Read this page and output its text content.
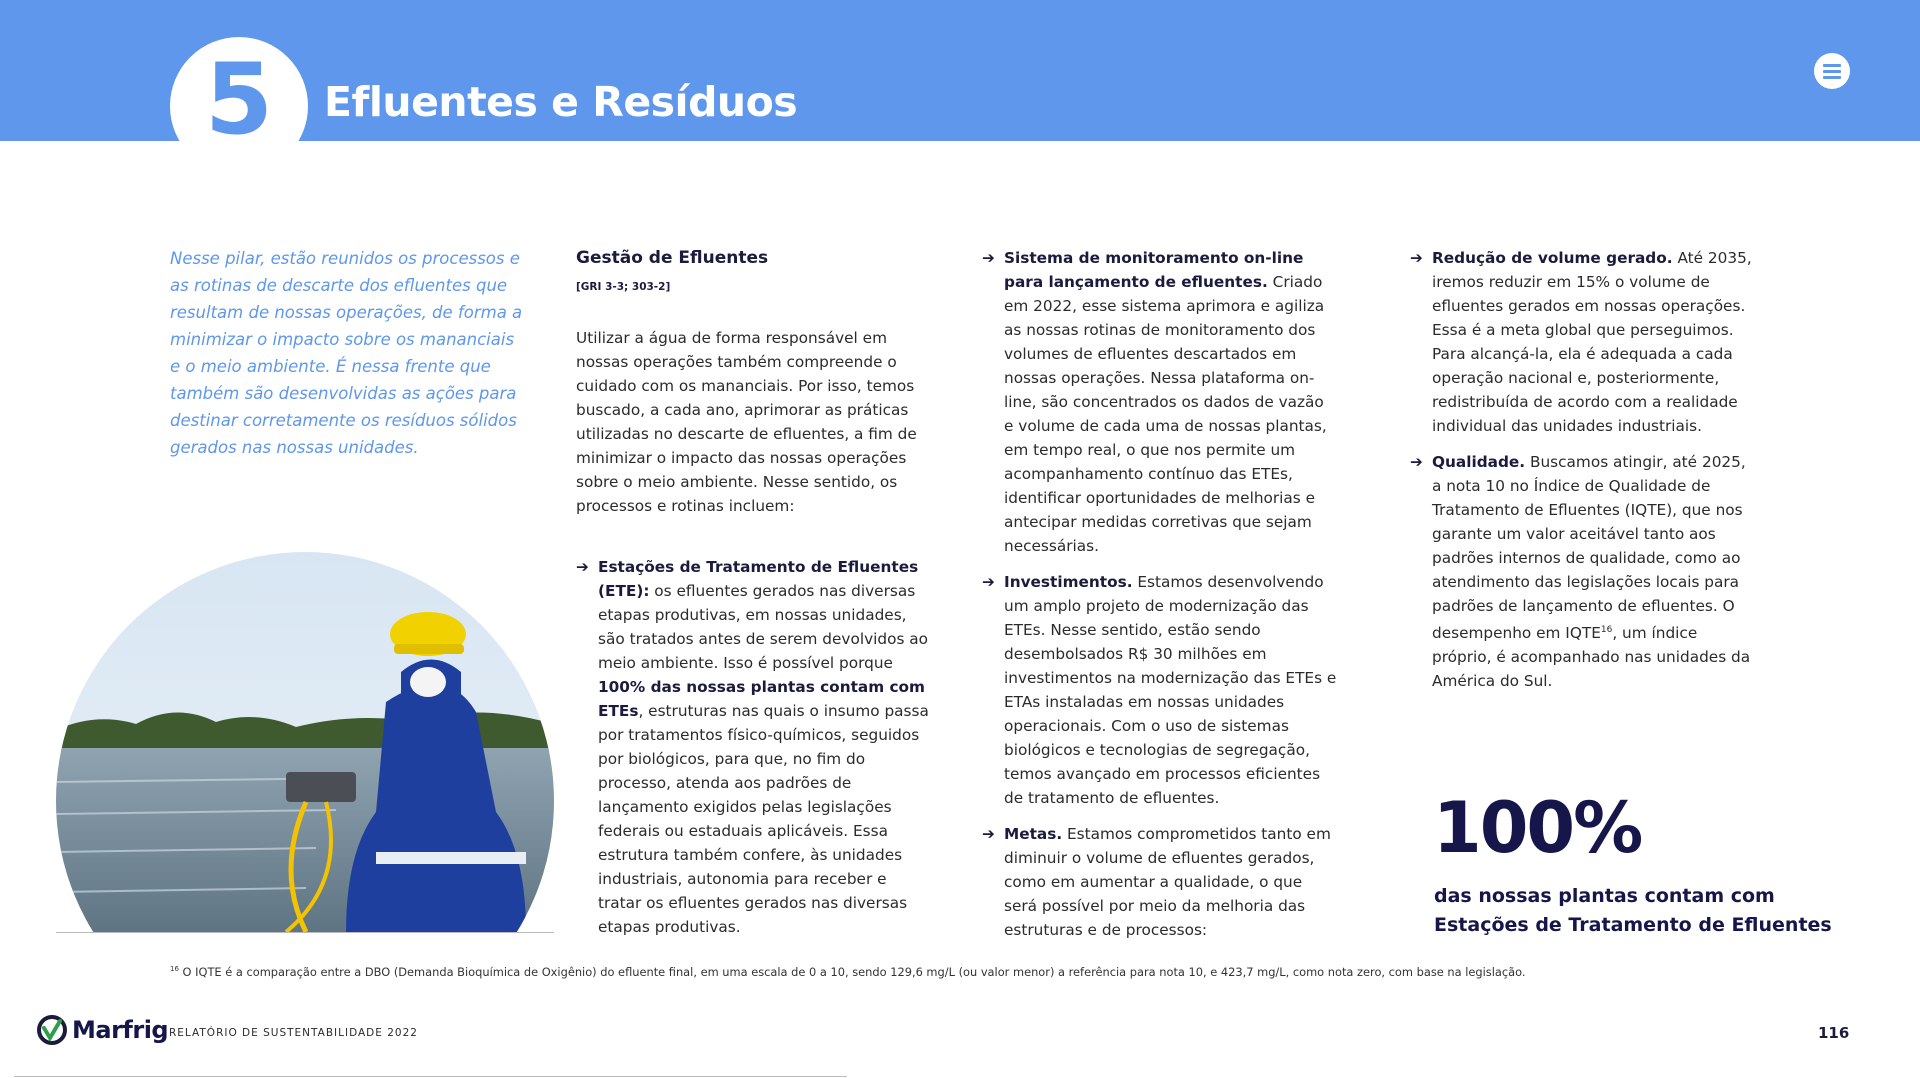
5	Efluentes e Resíduos
Nesse pilar, estão reunidos os processos e as rotinas de descarte dos efluentes que resultam de nossas operações, de forma a minimizar o impacto sobre os mananciais e o meio ambiente. É nessa frente que também são desenvolvidas as ações para destinar corretamente os resíduos sólidos gerados nas nossas unidades.
Gestão de Efluentes
[GRI 3-3; 303-2]

Utilizar a água de forma responsável em nossas operações também compreende o cuidado com os mananciais. Por isso, temos buscado, a cada ano, aprimorar as práticas utilizadas no descarte de efluentes, a fim de minimizar o impacto das nossas operações sobre o meio ambiente. Nesse sentido, os processos e rotinas incluem:

➔ Estações de Tratamento de Efluentes (ETE): os efluentes gerados nas diversas etapas produtivas, em nossas unidades, são tratados antes de serem devolvidos ao meio ambiente. Isso é possível porque 100% das nossas plantas contam com ETEs, estruturas nas quais o insumo passa por tratamentos físico-químicos, seguidos por biológicos, para que, no fim do processo, atenda aos padrões de lançamento exigidos pelas legislações federais ou estaduais aplicáveis. Essa estrutura também confere, às unidades industriais, autonomia para receber e tratar os efluentes gerados nas diversas etapas produtivas.
➔ Sistema de monitoramento on-line para lançamento de efluentes. Criado em 2022, esse sistema aprimora e agiliza as nossas rotinas de monitoramento dos volumes de efluentes descartados em nossas operações. Nessa plataforma on-line, são concentrados os dados de vazão e volume de cada uma de nossas plantas, em tempo real, o que nos permite um acompanhamento contínuo das ETEs, identificar oportunidades de melhorias e antecipar medidas corretivas que sejam necessárias.
➔ Investimentos. Estamos desenvolvendo um amplo projeto de modernização das ETEs. Nesse sentido, estão sendo desembolsados R$ 30 milhões em investimentos na modernização das ETEs e ETAs instaladas em nossas unidades operacionais. Com o uso de sistemas biológicos e tecnologias de segregação, temos avançado em processos eficientes de tratamento de efluentes.
➔ Metas. Estamos comprometidos tanto em diminuir o volume de efluentes gerados, como em aumentar a qualidade, o que será possível por meio da melhoria das estruturas e de processos:
➔ Redução de volume gerado. Até 2035, iremos reduzir em 15% o volume de efluentes gerados em nossas operações. Essa é a meta global que perseguimos. Para alcançá-la, ela é adequada a cada operação nacional e, posteriormente, redistribuída de acordo com a realidade individual das unidades industriais.
➔ Qualidade. Buscamos atingir, até 2025, a nota 10 no Índice de Qualidade de Tratamento de Efluentes (IQTE), que nos garante um valor aceitável tanto aos padrões internos de qualidade, como ao atendimento das legislações locais para padrões de lançamento de efluentes. O desempenho em IQTE$^{16}$, um índice próprio, é acompanhado nas unidades da América do Sul.
100%
das nossas plantas contam com Estações de Tratamento de Efluentes
$^{16}$ O IQTE é a comparação entre a DBO (Demanda Bioquímica de Oxigênio) do efluente final, em uma escala de 0 a 10, sendo 129,6 mg/L (ou valor menor) a referência para nota 10, e 423,7 mg/L, como nota zero, com base na legislação.
Marfrig RELATÓRIO DE SUSTENTABILIDADE 2022	116
